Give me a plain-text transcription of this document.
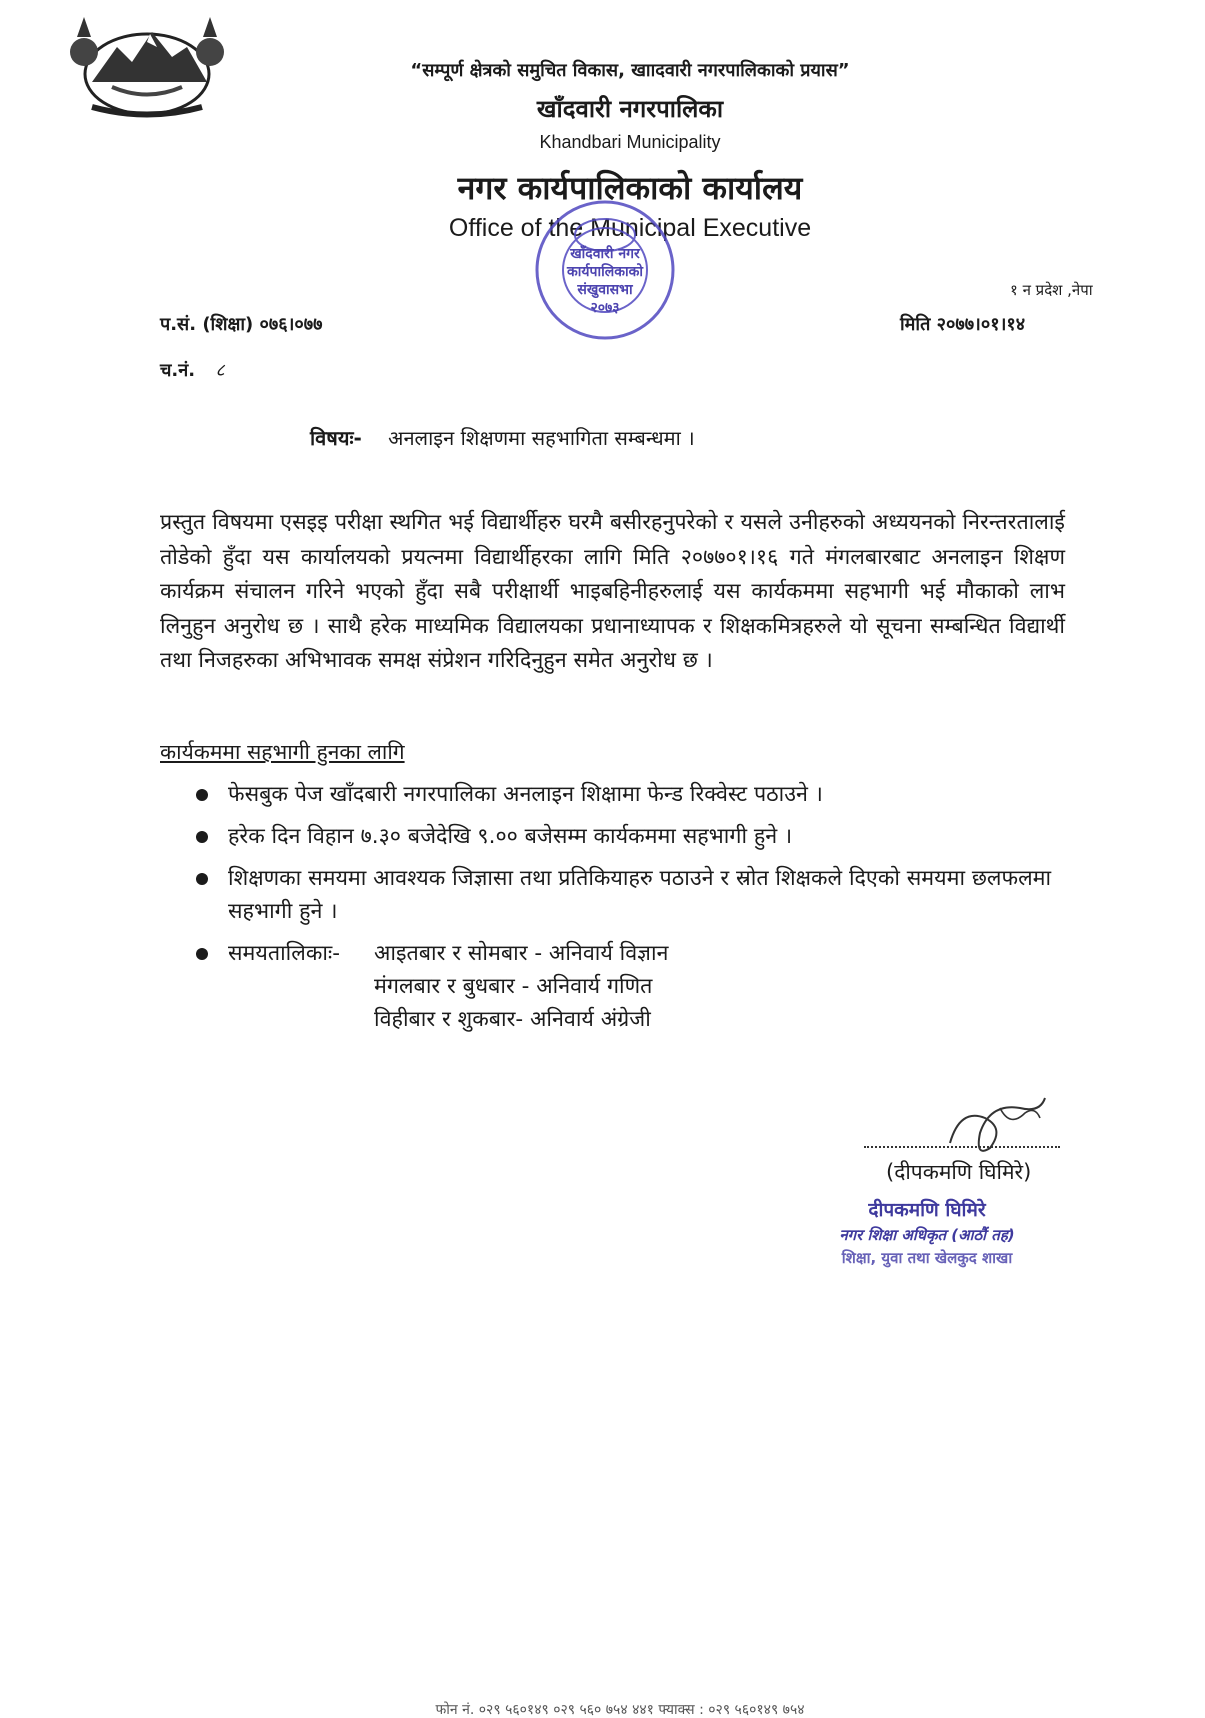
“सम्पूर्ण क्षेत्रको समुचित विकास, खाादवारी नगरपालिकाको प्रयास”
खाँदवारी नगरपालिका
Khandbari Municipality
नगर कार्यपालिकाको कार्यालय
Office of the Municipal Executive
१ न प्रदेश ,नेपा
खाँदवारी नगर
कार्यपालिकाको
संखुवासभा
२०७३
प.सं. (शिक्षा) ०७६।०७७	मिति २०७७।०१।१४
च.नं. ८
विषयः- अनलाइन शिक्षणमा सहभागिता सम्बन्धमा ।
प्रस्तुत विषयमा एसइइ परीक्षा स्थगित भई विद्यार्थीहरु घरमै बसीरहनुपरेको र यसले उनीहरुको अध्ययनको निरन्तरतालाई तोडेको हुँदा यस कार्यालयको प्रयत्नमा विद्यार्थीहरका लागि मिति २०७७०१।१६ गते मंगलबारबाट अनलाइन शिक्षण कार्यक्रम संचालन गरिने भएको हुँदा सबै परीक्षार्थी भाइबहिनीहरुलाई यस कार्यकममा सहभागी भई मौकाको लाभ लिनुहुन अनुरोध छ । साथै हरेक माध्यमिक विद्यालयका प्रधानाध्यापक र शिक्षकमित्रहरुले यो सूचना सम्बन्धित विद्यार्थी तथा निजहरुका अभिभावक समक्ष संप्रेशन गरिदिनुहुन समेत अनुरोध छ ।
कार्यकममा सहभागी हुनका लागि
फेसबुक पेज खाँदबारी नगरपालिका अनलाइन शिक्षामा फेन्ड रिक्वेस्ट पठाउने ।
हरेक दिन विहान ७.३० बजेदेखि ९.०० बजेसम्म कार्यकममा सहभागी हुने ।
शिक्षणका समयमा आवश्यक जिज्ञासा तथा प्रतिकियाहरु पठाउने र स्रोत शिक्षकले दिएको समयमा छलफलमा सहभागी हुने ।
समयतालिकाः-	आइतबार र सोमबार - अनिवार्य विज्ञान
मंगलबार र बुधबार - अनिवार्य गणित
विहीबार र शुकबार- अनिवार्य अंग्रेजी
(दीपकमणि घिमिरे)
दीपकमणि घिमिरे
नगर शिक्षा अधिकृत (आठौं तह)
शिक्षा, युवा तथा खेलकुद शाखा
फोन नं. ०२९ ५६०१४९ ०२९ ५६० ७५४ ४४१ फ्याक्स : ०२९ ५६०१४९ ७५४
